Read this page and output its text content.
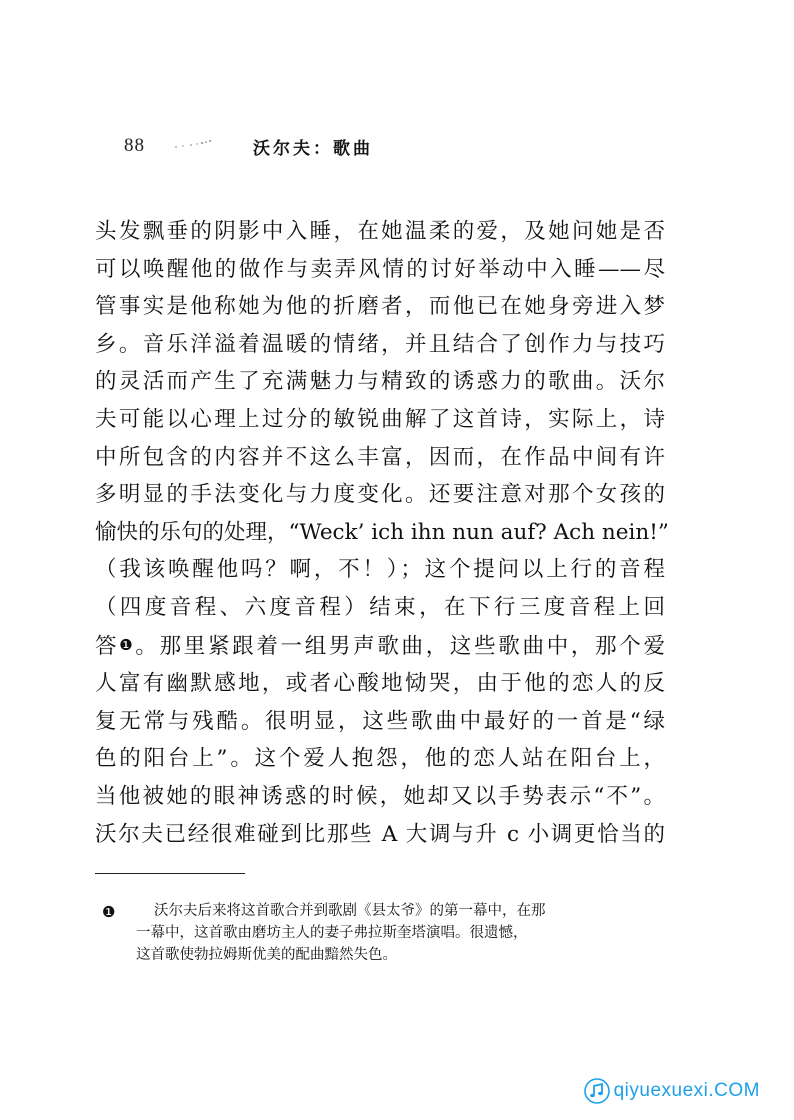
88	沃尔夫：歌曲
头发飘垂的阴影中入睡，在她温柔的爱，及她问她是否
可以唤醒他的做作与卖弄风情的讨好举动中入睡——尽
管事实是他称她为他的折磨者，而他已在她身旁进入梦
乡。音乐洋溢着温暖的情绪，并且结合了创作力与技巧
的灵活而产生了充满魅力与精致的诱惑力的歌曲。沃尔
夫可能以心理上过分的敏锐曲解了这首诗，实际上，诗
中所包含的内容并不这么丰富，因而，在作品中间有许
多明显的手法变化与力度变化。还要注意对那个女孩的
愉快的乐句的处理，“Weck’ ich ihn nun auf? Ach nein!”
（我该唤醒他吗？啊，不！）；这个提问以上行的音程
（四度音程、六度音程）结束，在下行三度音程上回
答❶。那里紧跟着一组男声歌曲，这些歌曲中，那个爱
人富有幽默感地，或者心酸地恸哭，由于他的恋人的反
复无常与残酷。很明显，这些歌曲中最好的一首是“绿
色的阳台上”。这个爱人抱怨，他的恋人站在阳台上，
当他被她的眼神诱惑的时候，她却又以手势表示“不”。
沃尔夫已经很难碰到比那些 A 大调与升 c 小调更恰当的
❶	沃尔夫后来将这首歌合并到歌剧《县太爷》的第一幕中，在那
一幕中，这首歌由磨坊主人的妻子弗拉斯奎塔演唱。很遗憾，
这首歌使勃拉姆斯优美的配曲黯然失色。
qiyuexuexi.COM
